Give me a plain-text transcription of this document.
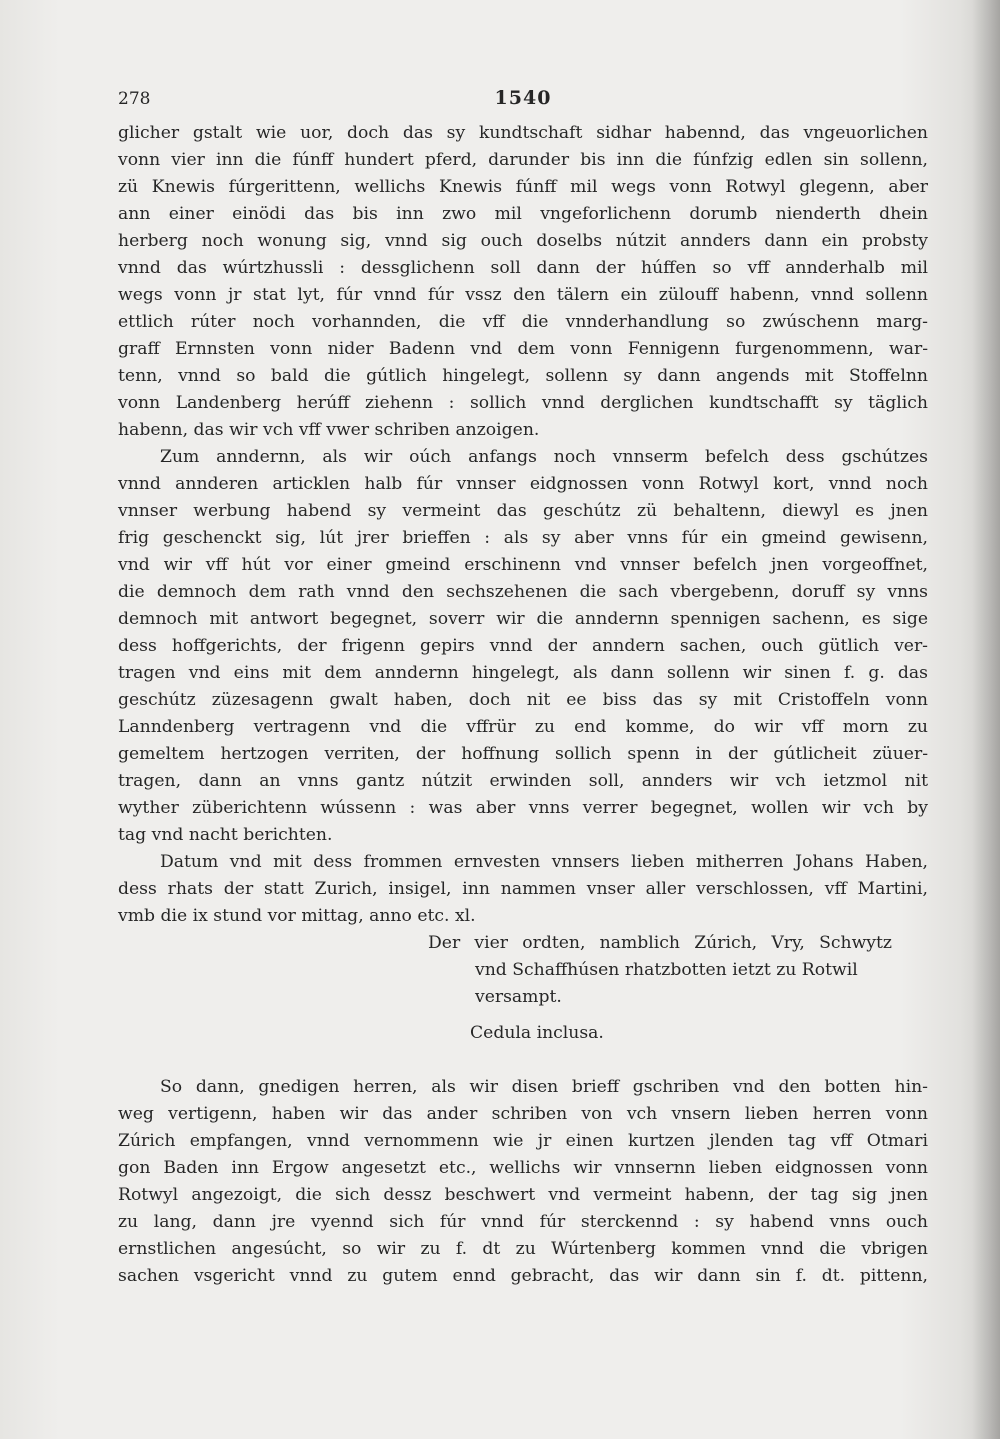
278	1540
glicher gstalt wie uor, doch das sy kundtschaft sidhar habennd, das vngeuorlichen
vonn vier inn die fúnff hundert pferd, darunder bis inn die fúnfzig edlen sin sollenn,
zü Knewis fúrgerittenn, wellichs Knewis fúnff mil wegs vonn Rotwyl glegenn, aber
ann einer einödi das bis inn zwo mil vngeforlichenn dorumb nienderth dhein
herberg noch wonung sig, vnnd sig ouch doselbs nútzit annders dann ein probsty
vnnd das wúrtzhussli : dessglichenn soll dann der húffen so vff annderhalb mil
wegs vonn jr stat lyt, fúr vnnd fúr vssz den tälern ein zülouff habenn, vnnd sollenn
ettlich rúter noch vorhannden, die vff die vnnderhandlung so zwúschenn marg-
graff Ernnsten vonn nider Badenn vnd dem vonn Fennigenn furgenommenn, war-
tenn, vnnd so bald die gútlich hingelegt, sollenn sy dann angends mit Stoffelnn
vonn Landenberg herúff ziehenn : sollich vnnd derglichen kundtschafft sy täglich
habenn, das wir vch vff vwer schriben anzoigen.
Zum anndernn, als wir oúch anfangs noch vnnserm befelch dess gschútzes
vnnd annderen articklen halb fúr vnnser eidgnossen vonn Rotwyl kort, vnnd noch
vnnser werbung habend sy vermeint das geschútz zü behaltenn, diewyl es jnen
frig geschenckt sig, lút jrer brieffen : als sy aber vnns fúr ein gmeind gewisenn,
vnd wir vff hút vor einer gmeind erschinenn vnd vnnser befelch jnen vorgeoffnet,
die demnoch dem rath vnnd den sechszehenen die sach vbergebenn, doruff sy vnns
demnoch mit antwort begegnet, soverr wir die anndernn spennigen sachenn, es sige
dess hoffgerichts, der frigenn gepirs vnnd der anndern sachen, ouch gütlich ver-
tragen vnd eins mit dem anndernn hingelegt, als dann sollenn wir sinen f. g. das
geschútz züzesagenn gwalt haben, doch nit ee biss das sy mit Cristoffeln vonn
Lanndenberg vertragenn vnd die vffrür zu end komme, do wir vff morn zu
gemeltem hertzogen verriten, der hoffnung sollich spenn in der gútlicheit züuer-
tragen, dann an vnns gantz nútzit erwinden soll, annders wir vch ietzmol nit
wyther züberichtenn wússenn : was aber vnns verrer begegnet, wollen wir vch by
tag vnd nacht berichten.
Datum vnd mit dess frommen ernvesten vnnsers lieben mitherren Johans Haben,
dess rhats der statt Zurich, insigel, inn nammen vnser aller verschlossen, vff Martini,
vmb die ix stund vor mittag, anno etc. xl.
Der vier ordten, namblich Zúrich, Vry, Schwytz
vnd Schaffhúsen rhatzbotten ietzt zu Rotwil
versampt.
Cedula inclusa.
So dann, gnedigen herren, als wir disen brieff gschriben vnd den botten hin-
weg vertigenn, haben wir das ander schriben von vch vnsern lieben herren vonn
Zúrich empfangen, vnnd vernommenn wie jr einen kurtzen jlenden tag vff Otmari
gon Baden inn Ergow angesetzt etc., wellichs wir vnnsernn lieben eidgnossen vonn
Rotwyl angezoigt, die sich dessz beschwert vnd vermeint habenn, der tag sig jnen
zu lang, dann jre vyennd sich fúr vnnd fúr sterckennd : sy habend vnns ouch
ernstlichen angesúcht, so wir zu f. dt zu Wúrtenberg kommen vnnd die vbrigen
sachen vsgericht vnnd zu gutem ennd gebracht, das wir dann sin f. dt. pittenn,
